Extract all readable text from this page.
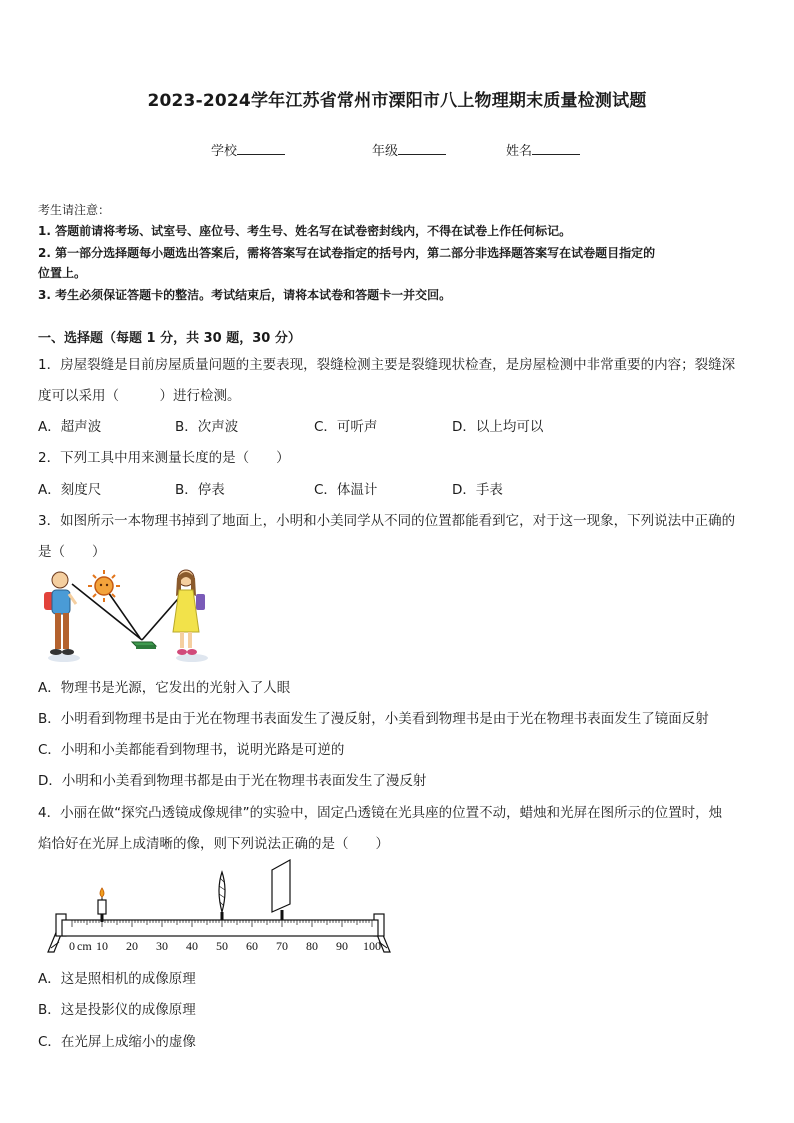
2023-2024学年江苏省常州市溧阳市八上物理期末质量检测试题
学校	年级	姓名
考生请注意：
1. 答题前请将考场、试室号、座位号、考生号、姓名写在试卷密封线内，不得在试卷上作任何标记。
2. 第一部分选择题每小题选出答案后，需将答案写在试卷指定的括号内，第二部分非选择题答案写在试卷题目指定的
位置上。
3. 考生必须保证答题卡的整洁。考试结束后，请将本试卷和答题卡一并交回。
一、选择题（每题 1 分，共 30 题，30 分）
1．房屋裂缝是目前房屋质量问题的主要表现，裂缝检测主要是裂缝现状检查，是房屋检测中非常重要的内容；裂缝深
度可以采用（　　　）进行检测。
A．超声波	B．次声波	C．可听声	D．以上均可以
2．下列工具中用来测量长度的是（　　）
A．刻度尺	B．停表	C．体温计	D．手表
3．如图所示一本物理书掉到了地面上，小明和小美同学从不同的位置都能看到它，对于这一现象，下列说法中正确的
是（　　）
A．物理书是光源，它发出的光射入了人眼
B．小明看到物理书是由于光在物理书表面发生了漫反射，小美看到物理书是由于光在物理书表面发生了镜面反射
C．小明和小美都能看到物理书，说明光路是可逆的
D．小明和小美看到物理书都是由于光在物理书表面发生了漫反射
4．小丽在做“探究凸透镜成像规律”的实验中，固定凸透镜在光具座的位置不动，蜡烛和光屏在图所示的位置时，烛
焰恰好在光屏上成清晰的像，则下列说法正确的是（　　）
0 10 20 30 40 50 60 70 80 90 100
cm
A．这是照相机的成像原理
B．这是投影仪的成像原理
C．在光屏上成缩小的虚像
